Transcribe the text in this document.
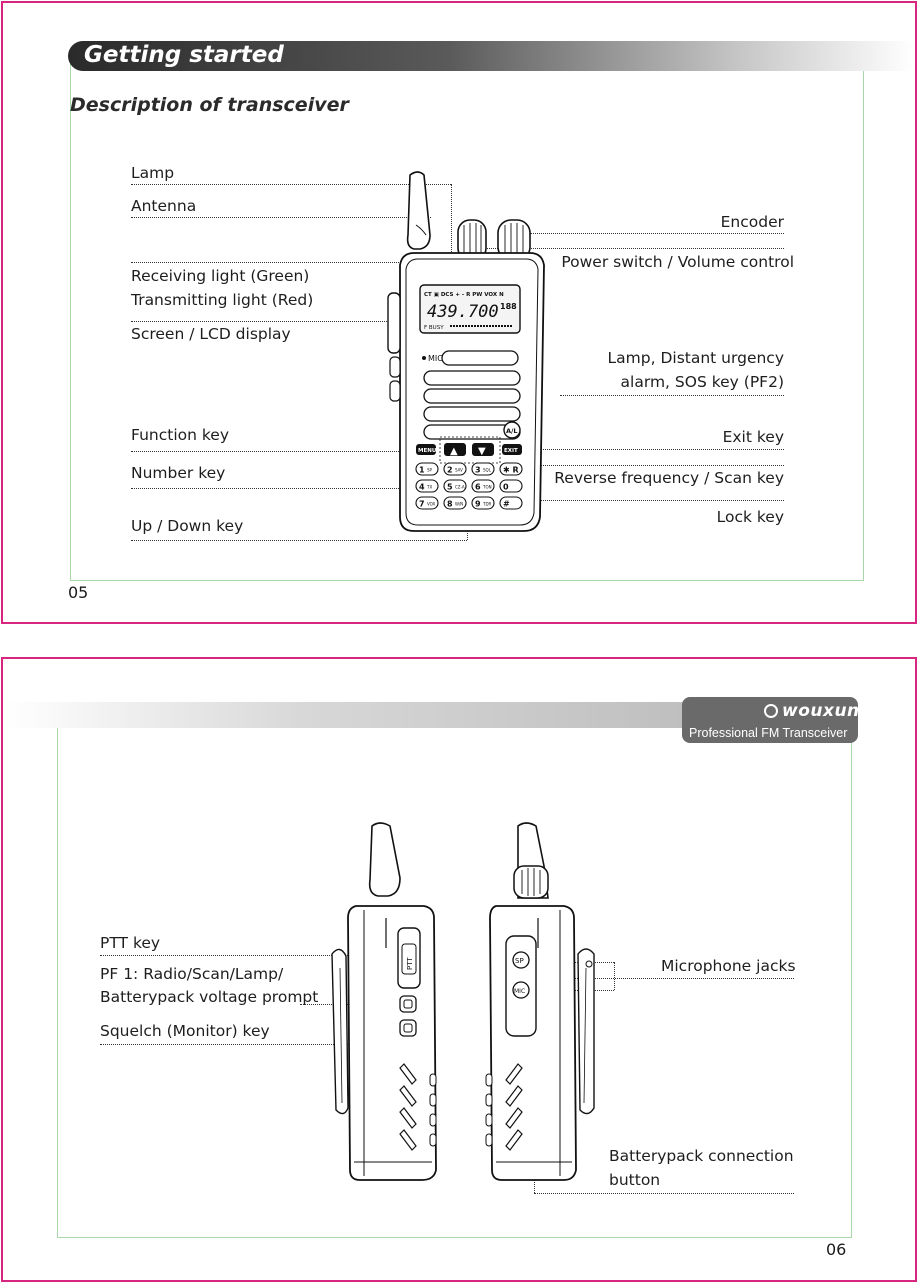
Getting started
Description of transceiver
05
Lamp
Antenna
Receiving light (Green)
Transmitting light (Red)
Screen / LCD display
Function key
Number key
Up / Down key
Encoder
Power switch / Volume control
Lamp, Distant urgency
alarm, SOS key (PF2)
Exit key
Reverse frequency / Scan key
Lock key
CT ▣ DCS + - R PW VOX N
439.700 188
F BUSY
MIC
A/L
MENU ▲ ▼	EXIT
1 SP 2 SAV 3 SQL ✱ R
4 TX 5 CZ-A 6 TON 0
7 VOX 8 W/N 9 TDR #
wouxun
Professional FM Transceiver
06
PTT key
PF 1: Radio/Scan/Lamp/
Batterypack voltage prompt
Squelch (Monitor) key
Microphone jacks
Batterypack connection
button
PTT	SP
MIC
